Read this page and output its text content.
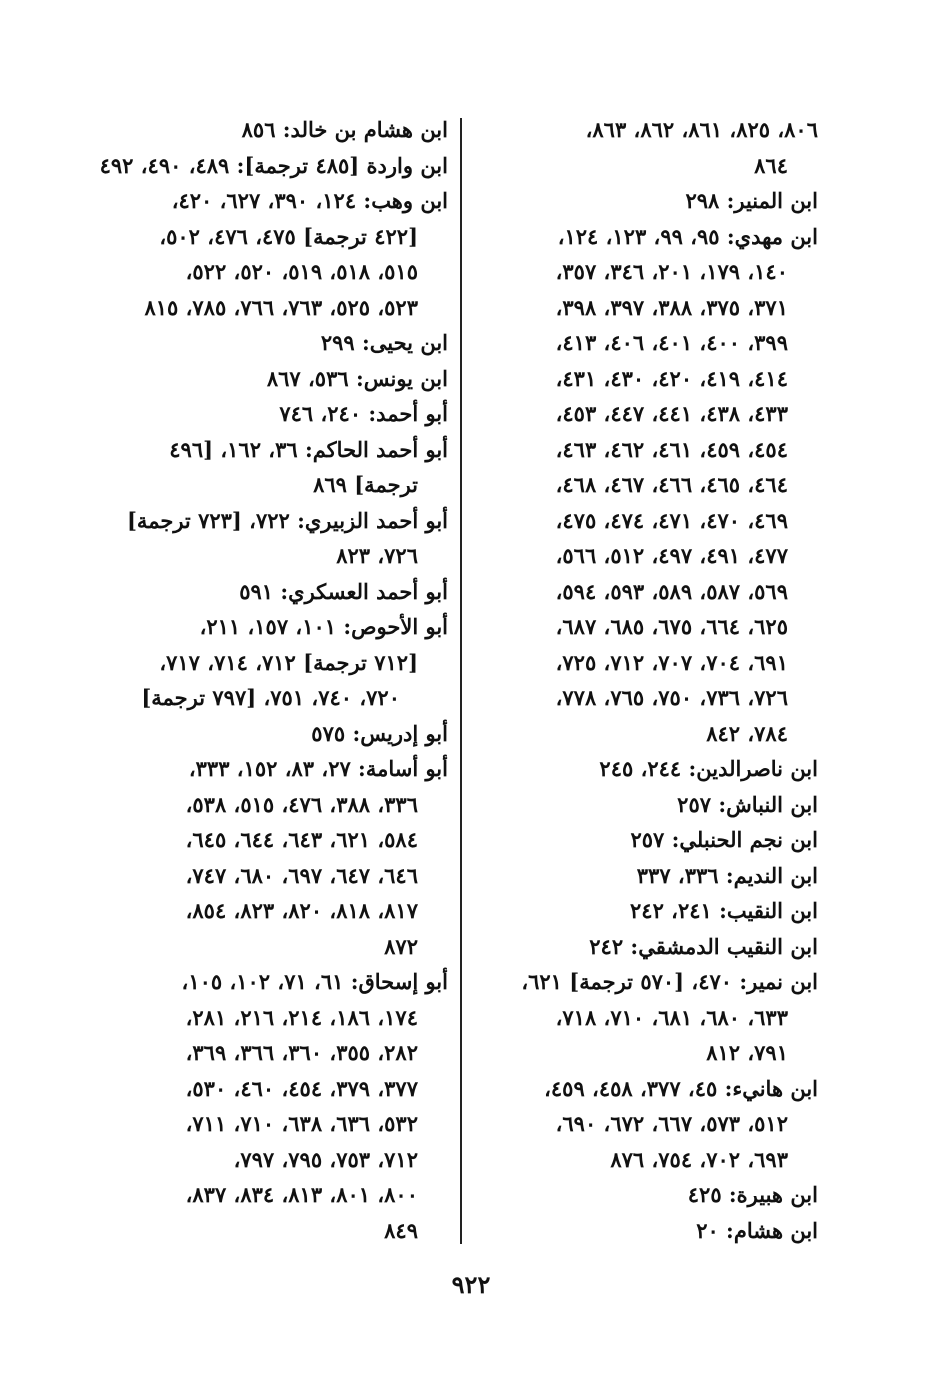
٨٠٦، ٨٢٥، ٨٦١، ٨٦٢، ٨٦٣،
٨٦٤
ابن المنير: ٢٩٨
ابن مهدي: ٩٥، ٩٩، ١٢٣، ١٢٤،
١٤٠، ١٧٩، ٢٠١، ٣٤٦، ٣٥٧،
٣٧١، ٣٧٥، ٣٨٨، ٣٩٧، ٣٩٨،
٣٩٩، ٤٠٠، ٤٠١، ٤٠٦، ٤١٣،
٤١٤، ٤١٩، ٤٢٠، ٤٣٠، ٤٣١،
٤٣٣، ٤٣٨، ٤٤١، ٤٤٧، ٤٥٣،
٤٥٤، ٤٥٩، ٤٦١، ٤٦٢، ٤٦٣،
٤٦٤، ٤٦٥، ٤٦٦، ٤٦٧، ٤٦٨،
٤٦٩، ٤٧٠، ٤٧١، ٤٧٤، ٤٧٥،
٤٧٧، ٤٩١، ٤٩٧، ٥١٢، ٥٦٦،
٥٦٩، ٥٨٧، ٥٨٩، ٥٩٣، ٥٩٤،
٦٢٥، ٦٦٤، ٦٧٥، ٦٨٥، ٦٨٧،
٦٩١، ٧٠٤، ٧٠٧، ٧١٢، ٧٢٥،
٧٢٦، ٧٣٦، ٧٥٠، ٧٦٥، ٧٧٨،
٧٨٤، ٨٤٢
ابن ناصرالدين: ٢٤٤، ٢٤٥
ابن النباش: ٢٥٧
ابن نجم الحنبلي: ٢٥٧
ابن النديم: ٣٣٦، ٣٣٧
ابن النقيب: ٢٤١، ٢٤٢
ابن النقيب الدمشقي: ٢٤٢
ابن نمير: ٤٧٠، [٥٧٠ ترجمة] ٦٢١،
٦٣٣، ٦٨٠، ٦٨١، ٧١٠، ٧١٨،
٧٩١، ٨١٢
ابن هانيء: ٤٥، ٣٧٧، ٤٥٨، ٤٥٩،
٥١٢، ٥٧٣، ٦٦٧، ٦٧٢، ٦٩٠،
٦٩٣، ٧٠٢، ٧٥٤، ٨٧٦
ابن هبيرة: ٤٢٥
ابن هشام: ٢٠
ابن هشام بن خالد: ٨٥٦
ابن واردة [٤٨٥ ترجمة]: ٤٨٩، ٤٩٠، ٤٩٢
ابن وهب: ١٢٤، ٣٩٠، ٦٢٧، ٤٢٠،
[٤٢٢ ترجمة] ٤٧٥، ٤٧٦، ٥٠٢،
٥١٥، ٥١٨، ٥١٩، ٥٢٠، ٥٢٢،
٥٢٣، ٥٢٥، ٧٦٣، ٧٦٦، ٧٨٥، ٨١٥
ابن يحيى: ٢٩٩
ابن يونس: ٥٣٦، ٨٦٧
أبو أحمد: ٢٤٠، ٧٤٦
أبو أحمد الحاكم: ٣٦، ١٦٢، [٤٩٦
ترجمة] ٨٦٩
أبو أحمد الزبيري: ٧٢٢، [٧٢٣ ترجمة]
٧٢٦، ٨٢٣
أبو أحمد العسكري: ٥٩١
أبو الأحوص: ١٠١، ١٥٧، ٢١١،
[٧١٢ ترجمة] ٧١٢، ٧١٤، ٧١٧،
٧٢٠، ٧٤٠، ٧٥١، [٧٩٧ ترجمة]
أبو إدريس: ٥٧٥
أبو أسامة: ٢٧، ٨٣، ١٥٢، ٣٣٣،
٣٣٦، ٣٨٨، ٤٧٦، ٥١٥، ٥٣٨،
٥٨٤، ٦٢١، ٦٤٣، ٦٤٤، ٦٤٥،
٦٤٦، ٦٤٧، ٦٩٧، ٦٨٠، ٧٤٧،
٨١٧، ٨١٨، ٨٢٠، ٨٢٣، ٨٥٤،
٨٧٢
أبو إسحاق: ٦١، ٧١، ١٠٢، ١٠٥،
١٧٤، ١٨٦، ٢١٤، ٢١٦، ٢٨١،
٢٨٢، ٣٥٥، ٣٦٠، ٣٦٦، ٣٦٩،
٣٧٧، ٣٧٩، ٤٥٤، ٤٦٠، ٥٣٠،
٥٣٢، ٦٣٦، ٦٣٨، ٧١٠، ٧١١،
٧١٢، ٧٥٣، ٧٩٥، ٧٩٧،
٨٠٠، ٨٠١، ٨١٣، ٨٣٤، ٨٣٧،
٨٤٩
٩٢٢
